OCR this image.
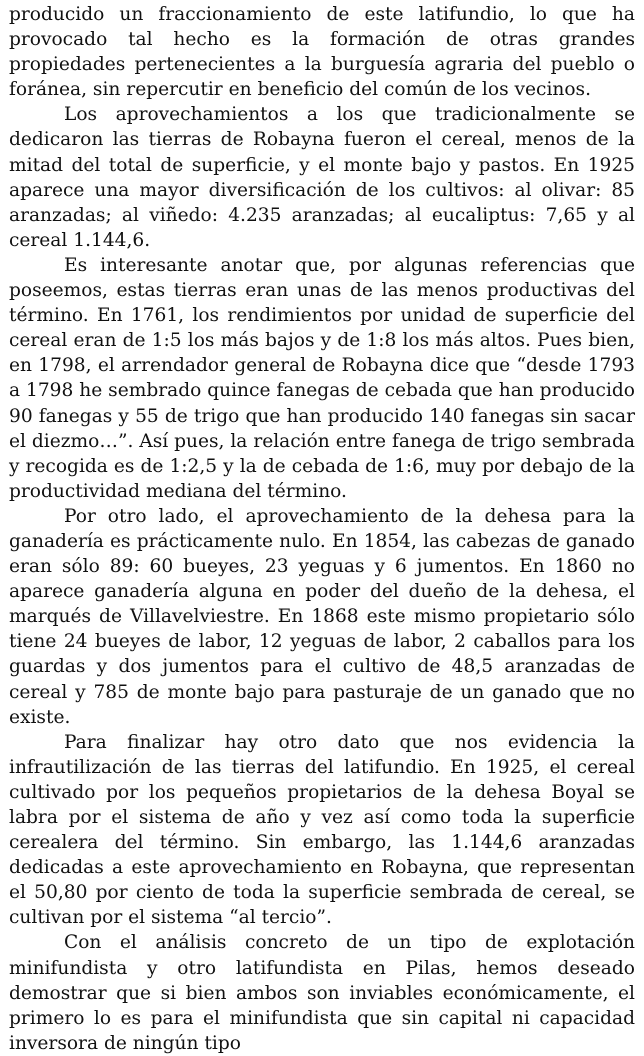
producido un fraccionamiento de este latifundio, lo que ha provocado tal hecho es la formación de otras grandes propiedades pertenecientes a la burguesía agraria del pueblo o foránea, sin repercutir en beneficio del común de los vecinos.

Los aprovechamientos a los que tradicionalmente se dedicaron las tierras de Robayna fueron el cereal, menos de la mitad del total de superficie, y el monte bajo y pastos. En 1925 aparece una mayor diversificación de los cultivos: al olivar: 85 aranzadas; al viñedo: 4.235 aranzadas; al eucaliptus: 7,65 y al cereal 1.144,6.

Es interesante anotar que, por algunas referencias que poseemos, estas tierras eran unas de las menos productivas del término. En 1761, los rendimientos por unidad de superficie del cereal eran de 1:5 los más bajos y de 1:8 los más altos. Pues bien, en 1798, el arrendador general de Robayna dice que “desde 1793 a 1798 he sembrado quince fanegas de cebada que han producido 90 fanegas y 55 de trigo que han producido 140 fanegas sin sacar el diezmo…”. Así pues, la relación entre fanega de trigo sembrada y recogida es de 1:2,5 y la de cebada de 1:6, muy por debajo de la productividad mediana del término.

Por otro lado, el aprovechamiento de la dehesa para la ganadería es prácticamente nulo. En 1854, las cabezas de ganado eran sólo 89: 60 bueyes, 23 yeguas y 6 jumentos. En 1860 no aparece ganadería alguna en poder del dueño de la dehesa, el marqués de Villavelviestre. En 1868 este mismo propietario sólo tiene 24 bueyes de labor, 12 yeguas de labor, 2 caballos para los guardas y dos jumentos para el cultivo de 48,5 aranzadas de cereal y 785 de monte bajo para pasturaje de un ganado que no existe.

Para finalizar hay otro dato que nos evidencia la infrautilización de las tierras del latifundio. En 1925, el cereal cultivado por los pequeños propietarios de la dehesa Boyal se labra por el sistema de año y vez así como toda la superficie cerealera del término. Sin embargo, las 1.144,6 aranzadas dedicadas a este aprovechamiento en Robayna, que representan el 50,80 por ciento de toda la superficie sembrada de cereal, se cultivan por el sistema “al tercio”.

Con el análisis concreto de un tipo de explotación minifundista y otro latifundista en Pilas, hemos deseado demostrar que si bien ambos son inviables económicamente, el primero lo es para el minifundista que sin capital ni capacidad inversora de ningún tipo
